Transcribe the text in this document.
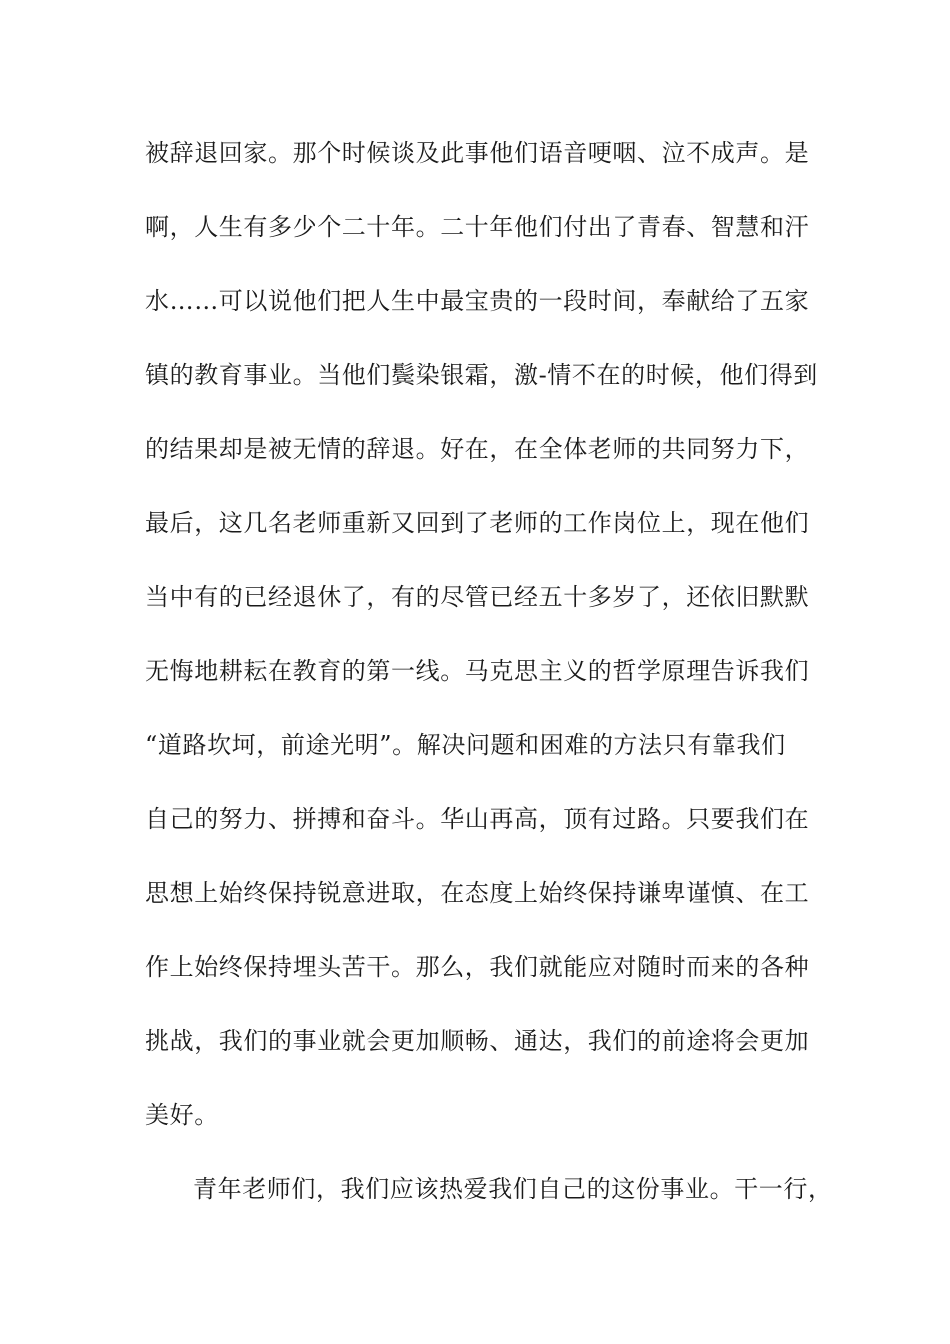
被辞退回家。那个时候谈及此事他们语音哽咽、泣不成声。是
啊，人生有多少个二十年。二十年他们付出了青春、智慧和汗
水……可以说他们把人生中最宝贵的一段时间，奉献给了五家
镇的教育事业。当他们鬓染银霜，激-情不在的时候，他们得到
的结果却是被无情的辞退。好在，在全体老师的共同努力下，
最后，这几名老师重新又回到了老师的工作岗位上，现在他们
当中有的已经退休了，有的尽管已经五十多岁了，还依旧默默
无悔地耕耘在教育的第一线。马克思主义的哲学原理告诉我们
“道路坎坷，前途光明”。解决问题和困难的方法只有靠我们
自己的努力、拼搏和奋斗。华山再高，顶有过路。只要我们在
思想上始终保持锐意进取，在态度上始终保持谦卑谨慎、在工
作上始终保持埋头苦干。那么，我们就能应对随时而来的各种
挑战，我们的事业就会更加顺畅、通达，我们的前途将会更加
美好。
青年老师们，我们应该热爱我们自己的这份事业。干一行，
